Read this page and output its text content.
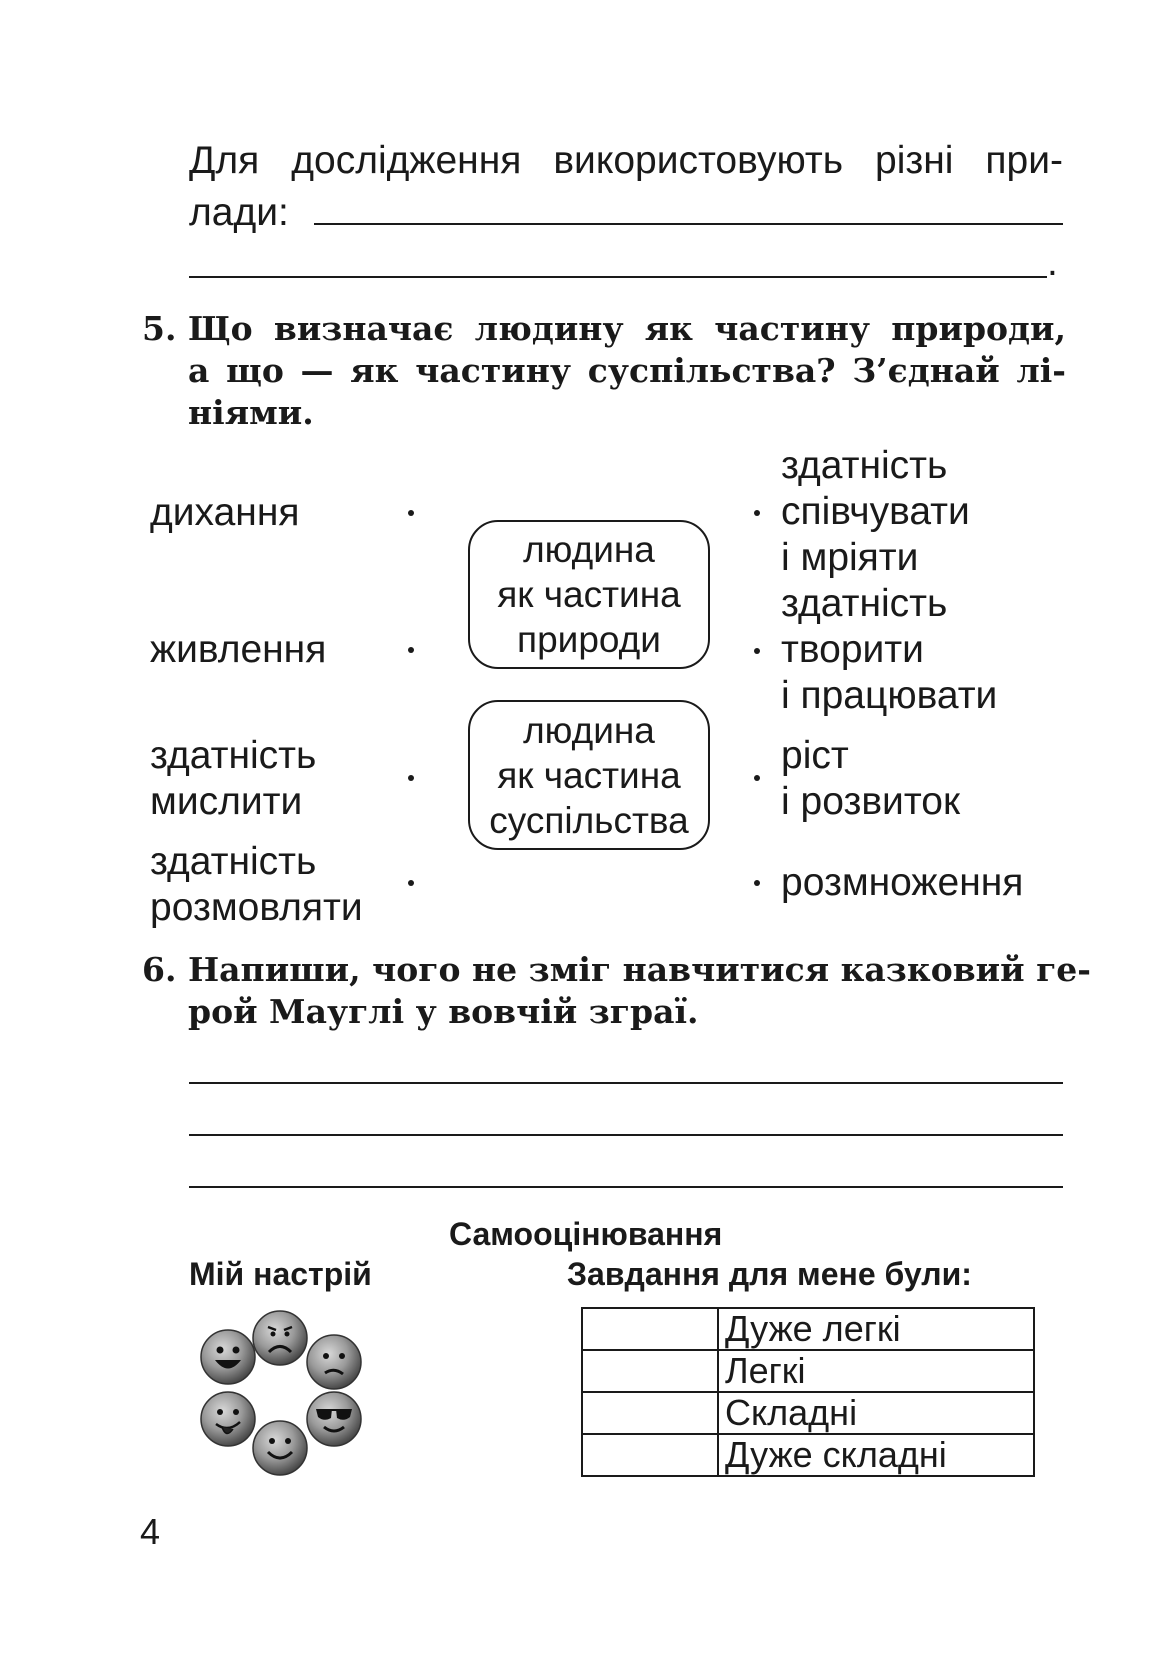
Для дослідження використовують різні при-
лади:
.
5. Що визначає людину як частину природи,
а що — як частину суспільства? З’єднай лі-
ніями.
дихання
живлення
здатність
мислити
здатність
розмовляти
людина
як частина
природи
людина
як частина
суспільства
здатність
співчувати
і мріяти
здатність
творити
і працювати
ріст
і розвиток
розмноження
6. Напиши, чого не зміг навчитися казковий ге-
рой Мауглі у вовчій зграї.
Самооцінювання
Мій настрій	Завдання для мене були:
	Дуже легкі
	Легкі
	Складні
	Дуже складні
4
